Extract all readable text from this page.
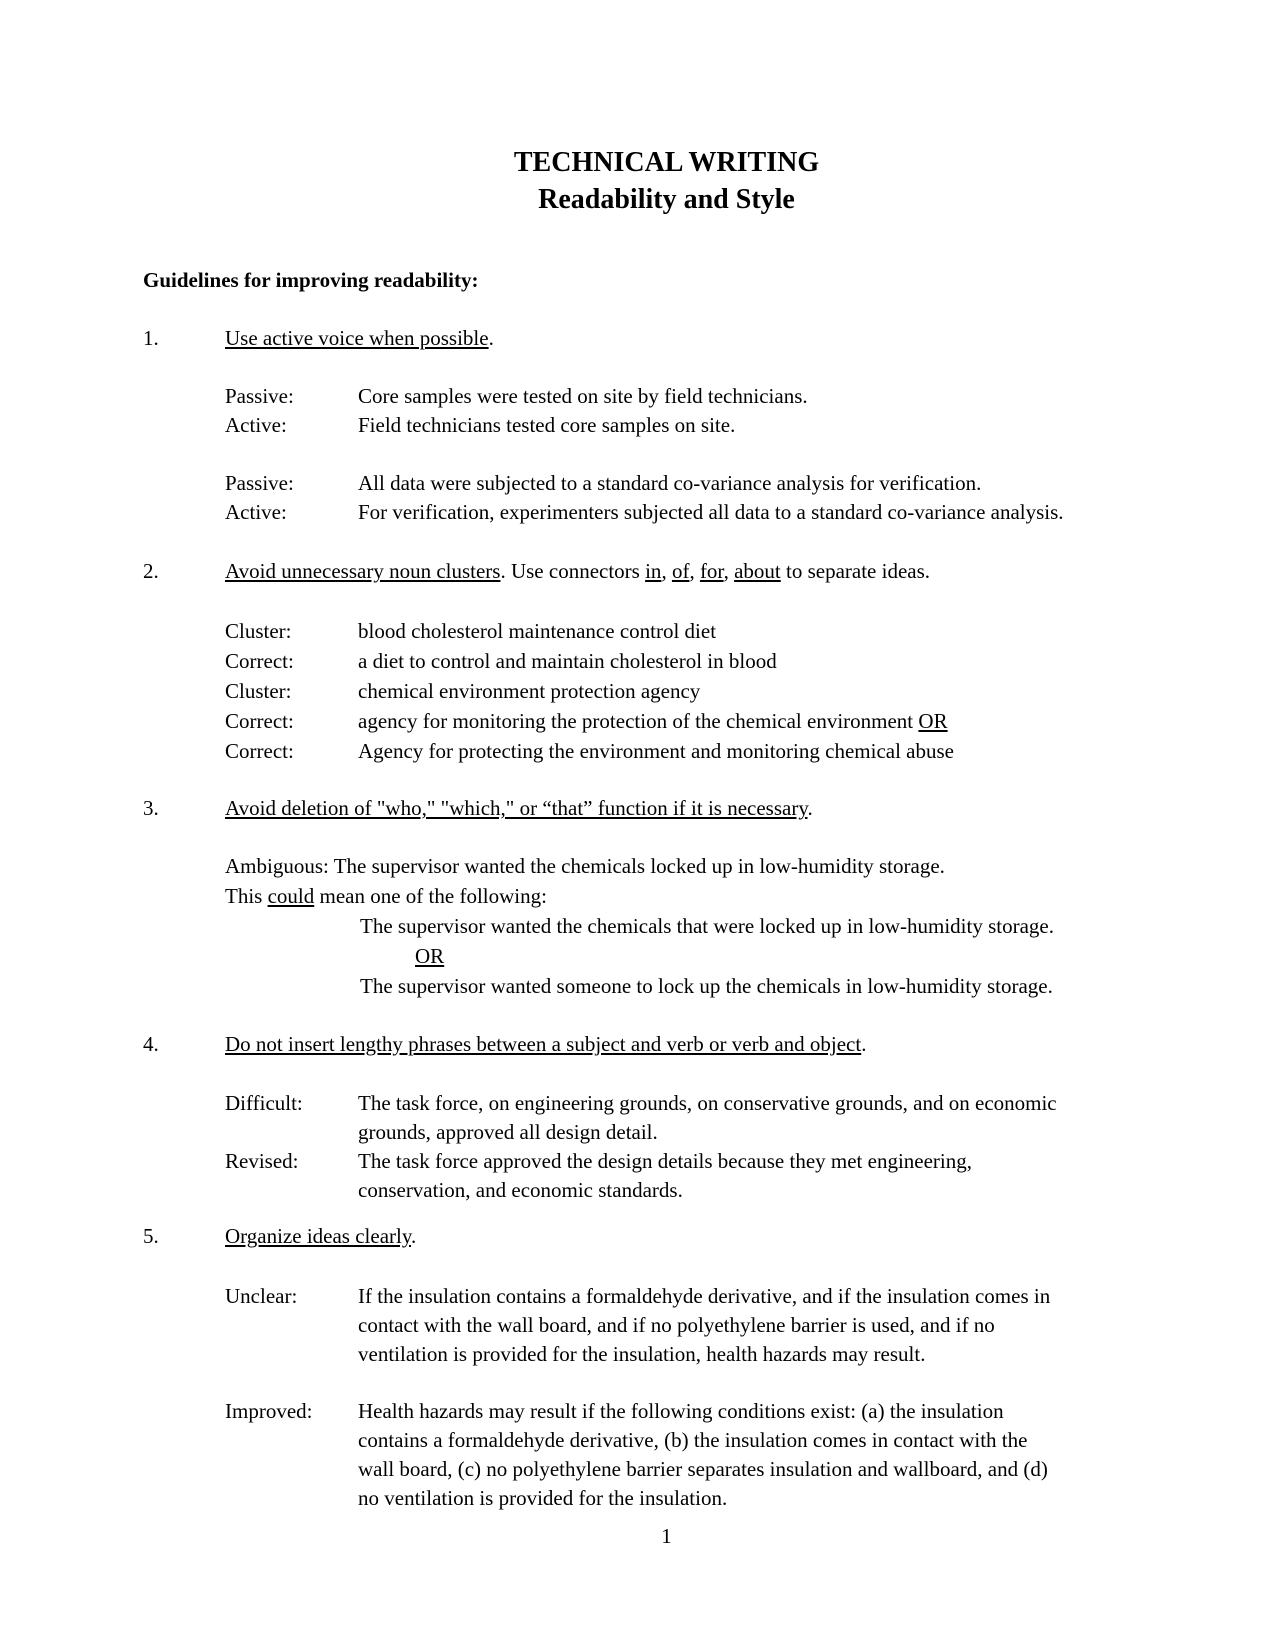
TECHNICAL WRITING
Readability and Style
Guidelines for improving readability:
1.	Use active voice when possible.
Passive:	Core samples were tested on site by field technicians.
Active:	Field technicians tested core samples on site.
Passive:	All data were subjected to a standard co-variance analysis for verification.
Active:	For verification, experimenters subjected all data to a standard co-variance analysis.
2.	Avoid unnecessary noun clusters. Use connectors in, of, for, about to separate ideas.
Cluster:	blood cholesterol maintenance control diet
Correct:	a diet to control and maintain cholesterol in blood
Cluster:	chemical environment protection agency
Correct:	agency for monitoring the protection of the chemical environment OR
Correct:	Agency for protecting the environment and monitoring chemical abuse
3.	Avoid deletion of "who," "which," or “that” function if it is necessary.
Ambiguous: The supervisor wanted the chemicals locked up in low-humidity storage.
This could mean one of the following:
The supervisor wanted the chemicals that were locked up in low-humidity storage.
OR
The supervisor wanted someone to lock up the chemicals in low-humidity storage.
4.	Do not insert lengthy phrases between a subject and verb or verb and object.
Difficult:	The task force, on engineering grounds, on conservative grounds, and on economic
grounds, approved all design detail.
Revised:	The task force approved the design details because they met engineering,
conservation, and economic standards.
5.	Organize ideas clearly.
Unclear:	If the insulation contains a formaldehyde derivative, and if the insulation comes in
contact with the wall board, and if no polyethylene barrier is used, and if no
ventilation is provided for the insulation, health hazards may result.
Improved:	Health hazards may result if the following conditions exist: (a) the insulation
contains a formaldehyde derivative, (b) the insulation comes in contact with the
wall board, (c) no polyethylene barrier separates insulation and wallboard, and (d)
no ventilation is provided for the insulation.
1
